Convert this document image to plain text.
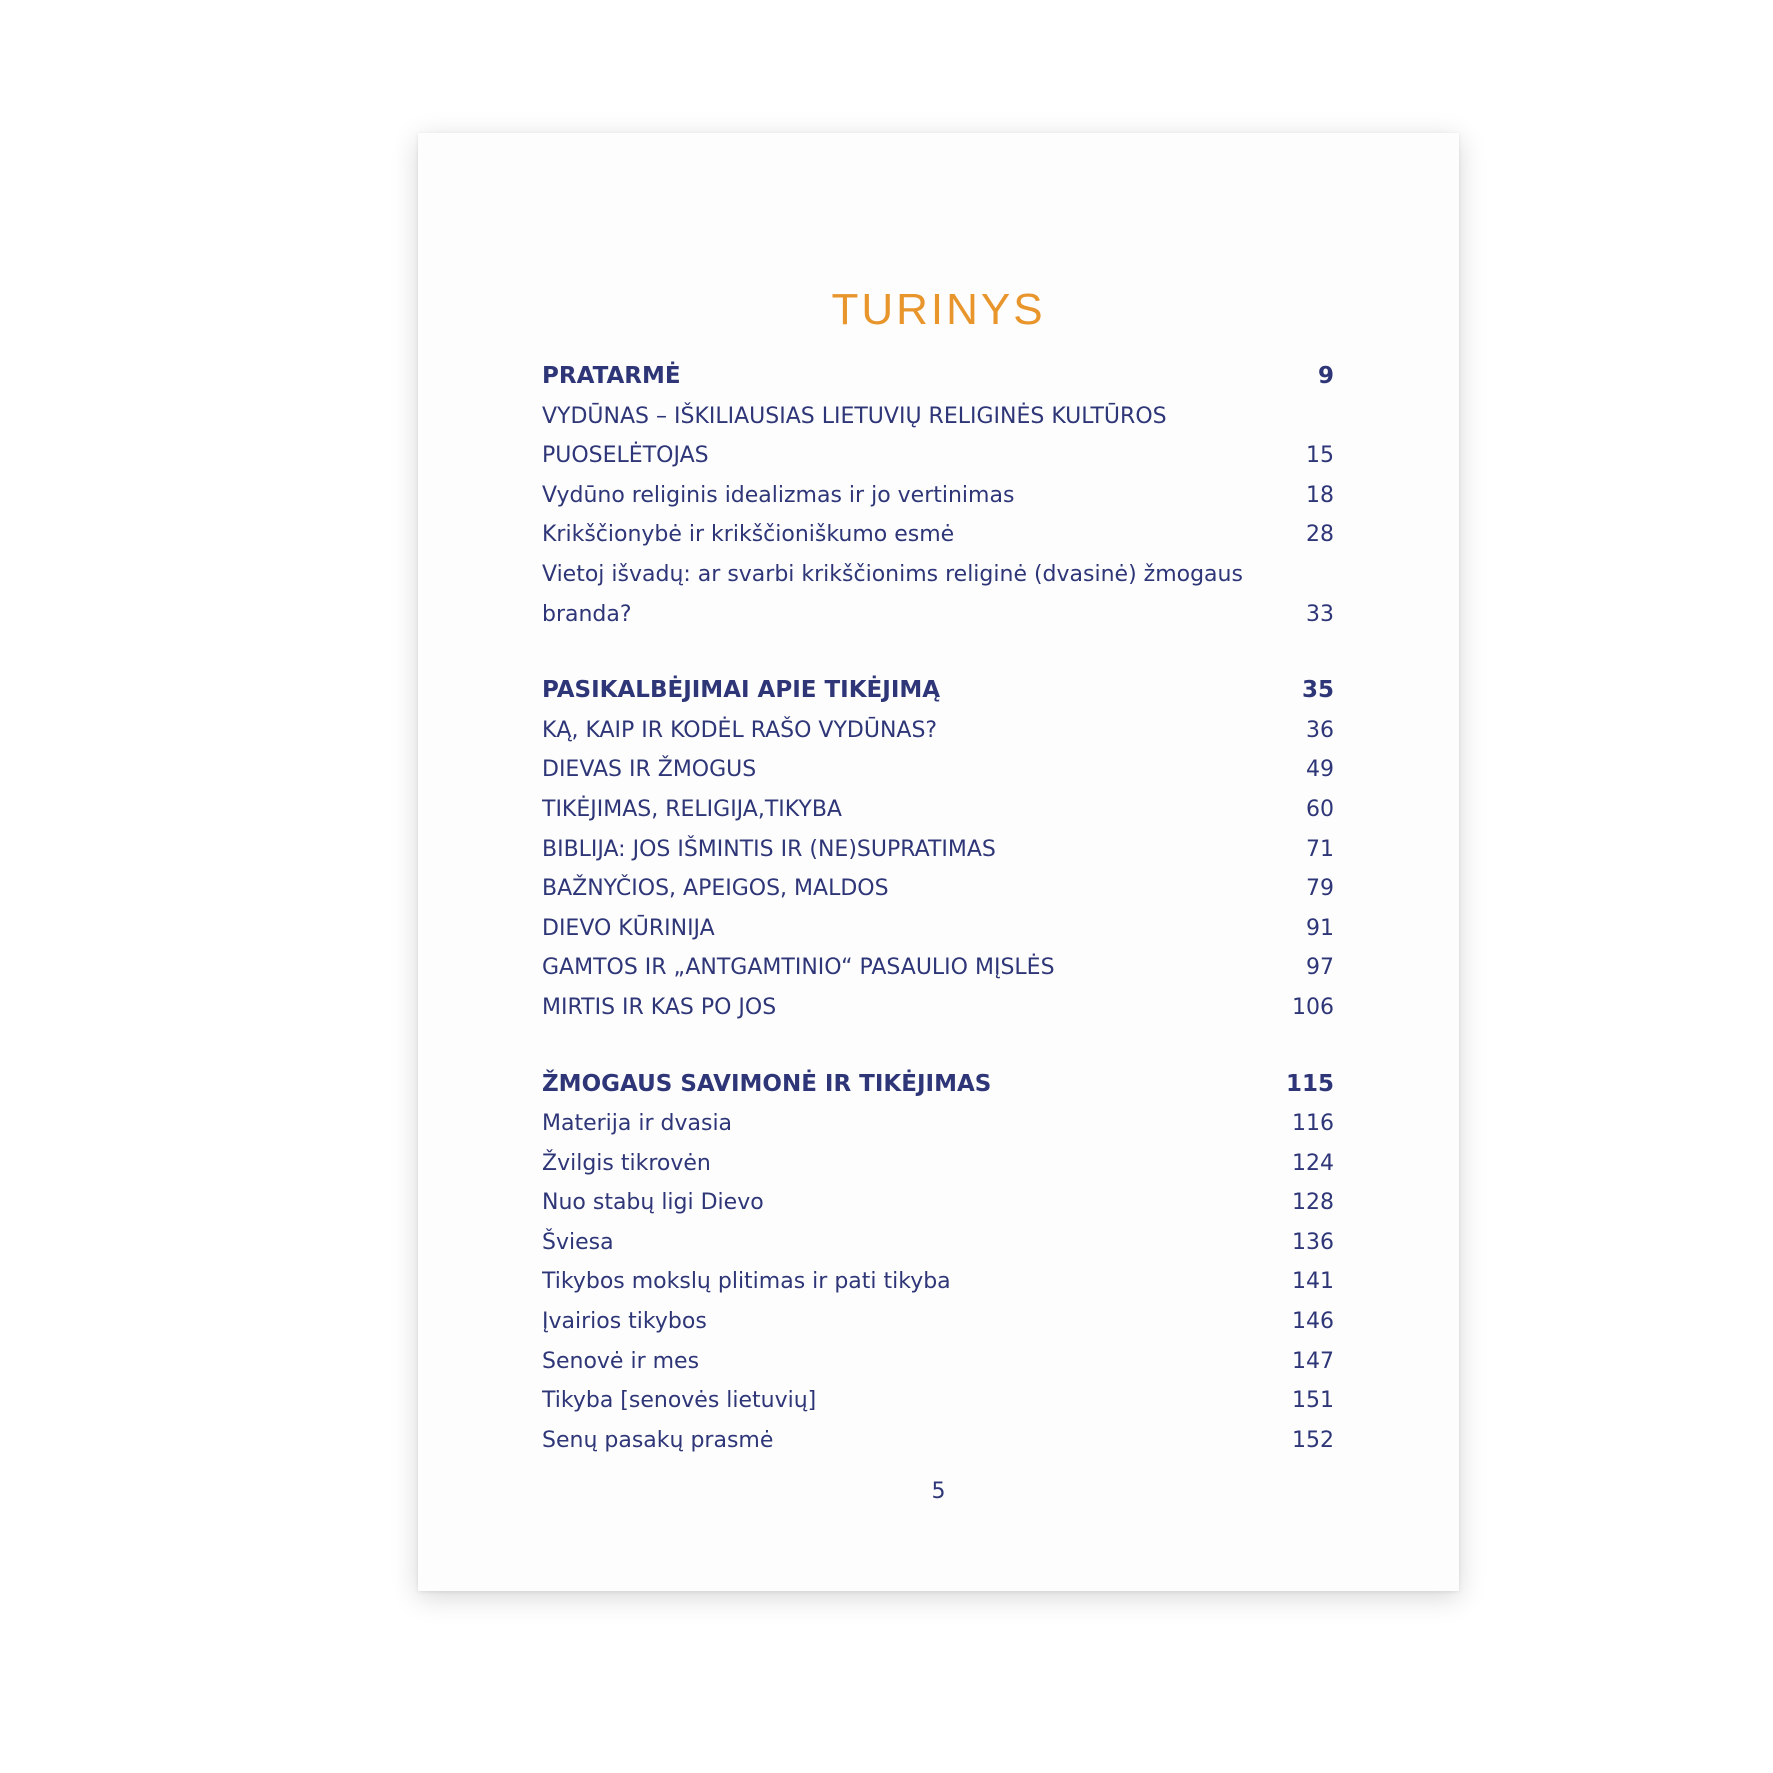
TURINYS
PRATARMĖ	9
VYDŪNAS – IŠKILIAUSIAS LIETUVIŲ RELIGINĖS KULTŪROS
PUOSELĖTOJAS	15
Vydūno religinis idealizmas ir jo vertinimas	18
Krikščionybė ir krikščioniškumo esmė	28
Vietoj išvadų: ar svarbi krikščionims religinė (dvasinė) žmogaus
branda?	33
PASIKALBĖJIMAI APIE TIKĖJIMĄ	35
KĄ, KAIP IR KODĖL RAŠO VYDŪNAS?	36
DIEVAS IR ŽMOGUS	49
TIKĖJIMAS, RELIGIJA,TIKYBA	60
BIBLIJA: JOS IŠMINTIS IR (NE)SUPRATIMAS	71
BAŽNYČIOS, APEIGOS, MALDOS	79
DIEVO KŪRINIJA	91
GAMTOS IR „ANTGAMTINIO“ PASAULIO MĮSLĖS	97
MIRTIS IR KAS PO JOS	106
ŽMOGAUS SAVIMONĖ IR TIKĖJIMAS	115
Materija ir dvasia	116
Žvilgis tikrovėn	124
Nuo stabų ligi Dievo	128
Šviesa	136
Tikybos mokslų plitimas ir pati tikyba	141
Įvairios tikybos	146
Senovė ir mes	147
Tikyba [senovės lietuvių]	151
Senų pasakų prasmė	152
5
